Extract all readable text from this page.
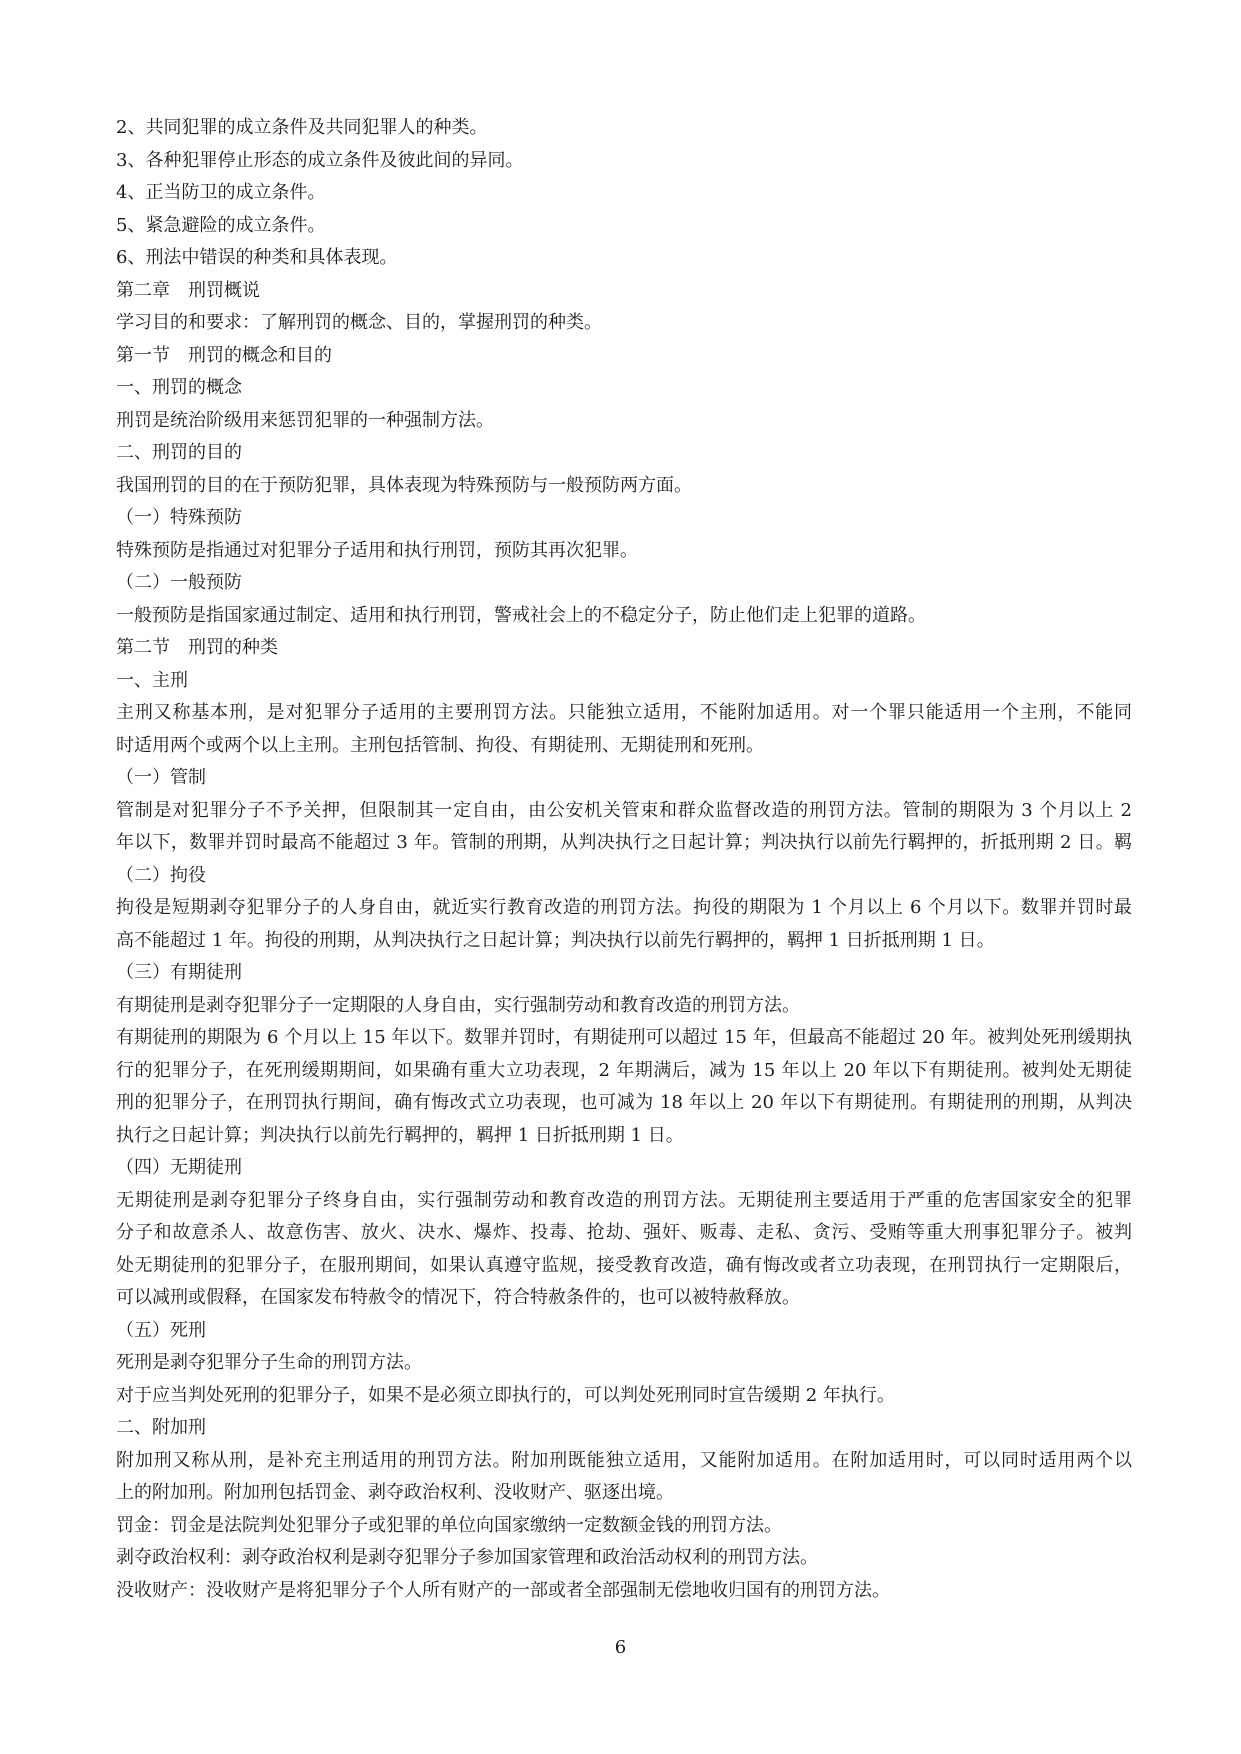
2、共同犯罪的成立条件及共同犯罪人的种类。

3、各种犯罪停止形态的成立条件及彼此间的异同。

4、正当防卫的成立条件。

5、紧急避险的成立条件。

6、刑法中错误的种类和具体表现。

第二章　刑罚概说

学习目的和要求：了解刑罚的概念、目的，掌握刑罚的种类。

第一节　刑罚的概念和目的

一、刑罚的概念

刑罚是统治阶级用来惩罚犯罪的一种强制方法。

二、刑罚的目的

我国刑罚的目的在于预防犯罪，具体表现为特殊预防与一般预防两方面。

（一）特殊预防

特殊预防是指通过对犯罪分子适用和执行刑罚，预防其再次犯罪。

（二）一般预防

一般预防是指国家通过制定、适用和执行刑罚，警戒社会上的不稳定分子，防止他们走上犯罪的道路。

第二节　刑罚的种类

一、主刑

主刑又称基本刑，是对犯罪分子适用的主要刑罚方法。只能独立适用，不能附加适用。对一个罪只能适用一个主刑，不能同

时适用两个或两个以上主刑。主刑包括管制、拘役、有期徒刑、无期徒刑和死刑。

（一）管制

管制是对犯罪分子不予关押，但限制其一定自由，由公安机关管束和群众监督改造的刑罚方法。管制的期限为 3 个月以上 2

年以下，数罪并罚时最高不能超过 3 年。管制的刑期，从判决执行之日起计算；判决执行以前先行羁押的，折抵刑期 2 日。羁

（二）拘役

拘役是短期剥夺犯罪分子的人身自由，就近实行教育改造的刑罚方法。拘役的期限为 1 个月以上 6 个月以下。数罪并罚时最

高不能超过 1 年。拘役的刑期，从判决执行之日起计算；判决执行以前先行羁押的，羁押 1 日折抵刑期 1 日。

（三）有期徒刑

有期徒刑是剥夺犯罪分子一定期限的人身自由，实行强制劳动和教育改造的刑罚方法。

有期徒刑的期限为 6 个月以上 15 年以下。数罪并罚时，有期徒刑可以超过 15 年，但最高不能超过 20 年。被判处死刑缓期执

行的犯罪分子，在死刑缓期期间，如果确有重大立功表现，2 年期满后，减为 15 年以上 20 年以下有期徒刑。被判处无期徒

刑的犯罪分子，在刑罚执行期间，确有悔改式立功表现，也可减为 18 年以上 20 年以下有期徒刑。有期徒刑的刑期，从判决

执行之日起计算；判决执行以前先行羁押的，羁押 1 日折抵刑期 1 日。

（四）无期徒刑

无期徒刑是剥夺犯罪分子终身自由，实行强制劳动和教育改造的刑罚方法。无期徒刑主要适用于严重的危害国家安全的犯罪

分子和故意杀人、故意伤害、放火、决水、爆炸、投毒、抢劫、强奸、贩毒、走私、贪污、受贿等重大刑事犯罪分子。被判

处无期徒刑的犯罪分子，在服刑期间，如果认真遵守监规，接受教育改造，确有悔改或者立功表现，在刑罚执行一定期限后，

可以减刑或假释，在国家发布特赦令的情况下，符合特赦条件的，也可以被特赦释放。

（五）死刑

死刑是剥夺犯罪分子生命的刑罚方法。

对于应当判处死刑的犯罪分子，如果不是必须立即执行的，可以判处死刑同时宣告缓期 2 年执行。

二、附加刑

附加刑又称从刑，是补充主刑适用的刑罚方法。附加刑既能独立适用，又能附加适用。在附加适用时，可以同时适用两个以

上的附加刑。附加刑包括罚金、剥夺政治权利、没收财产、驱逐出境。

罚金：罚金是法院判处犯罪分子或犯罪的单位向国家缴纳一定数额金钱的刑罚方法。

剥夺政治权利：剥夺政治权利是剥夺犯罪分子参加国家管理和政治活动权利的刑罚方法。

没收财产：没收财产是将犯罪分子个人所有财产的一部或者全部强制无偿地收归国有的刑罚方法。

6
